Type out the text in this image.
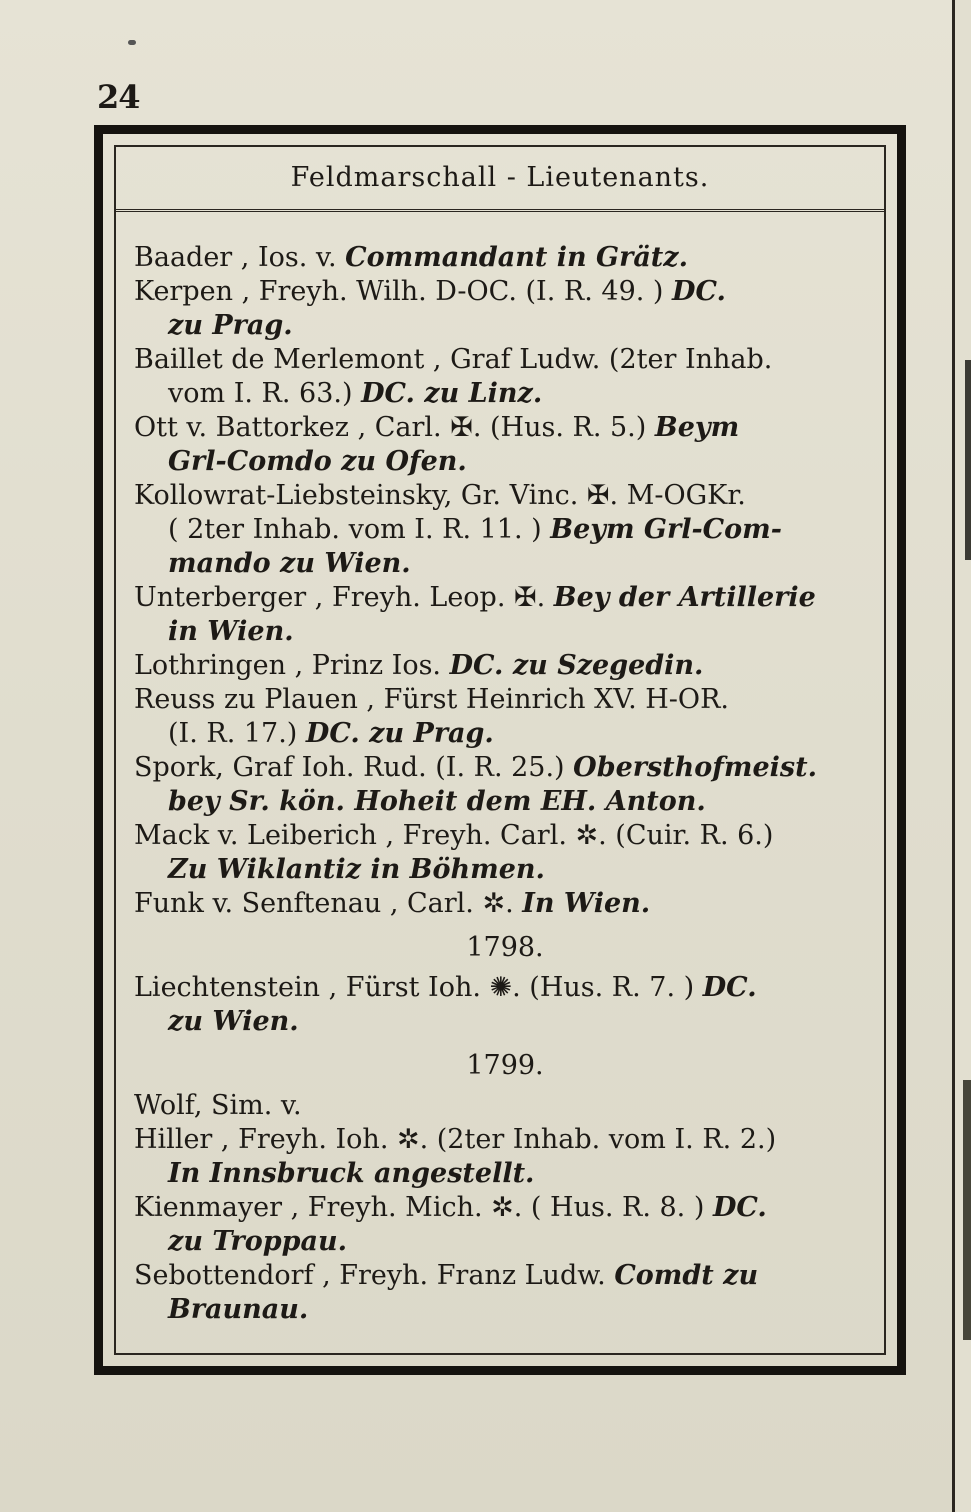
24
Feldmarschall - Lieutenants.
Baader , Ios. v. Commandant in Grätz.
Kerpen , Freyh. Wilh. D-OC. (I. R. 49. ) DC.
zu Prag.
Baillet de Merlemont , Graf Ludw. (2ter Inhab.
vom I. R. 63.) DC. zu Linz.
Ott v. Battorkez , Carl. ✠. (Hus. R. 5.) Beym
Grl-Comdo zu Ofen.
Kollowrat-Liebsteinsky, Gr. Vinc. ✠. M-OGKr.
( 2ter Inhab. vom I. R. 11. ) Beym Grl-Com-
mando zu Wien.
Unterberger , Freyh. Leop. ✠. Bey der Artillerie
in Wien.
Lothringen , Prinz Ios. DC. zu Szegedin.
Reuss zu Plauen , Fürst Heinrich XV. H-OR.
(I. R. 17.) DC. zu Prag.
Spork, Graf Ioh. Rud. (I. R. 25.) Obersthofmeist.
bey Sr. kön. Hoheit dem EH. Anton.
Mack v. Leiberich , Freyh. Carl. ✲. (Cuir. R. 6.)
Zu Wiklantiz in Böhmen.
Funk v. Senftenau , Carl. ✲. In Wien.
1798.
Liechtenstein , Fürst Ioh. ✺. (Hus. R. 7. ) DC.
zu Wien.
1799.
Wolf, Sim. v.
Hiller , Freyh. Ioh. ✲. (2ter Inhab. vom I. R. 2.)
In Innsbruck angestellt.
Kienmayer , Freyh. Mich. ✲. ( Hus. R. 8. ) DC.
zu Troppau.
Sebottendorf , Freyh. Franz Ludw. Comdt zu
Braunau.
